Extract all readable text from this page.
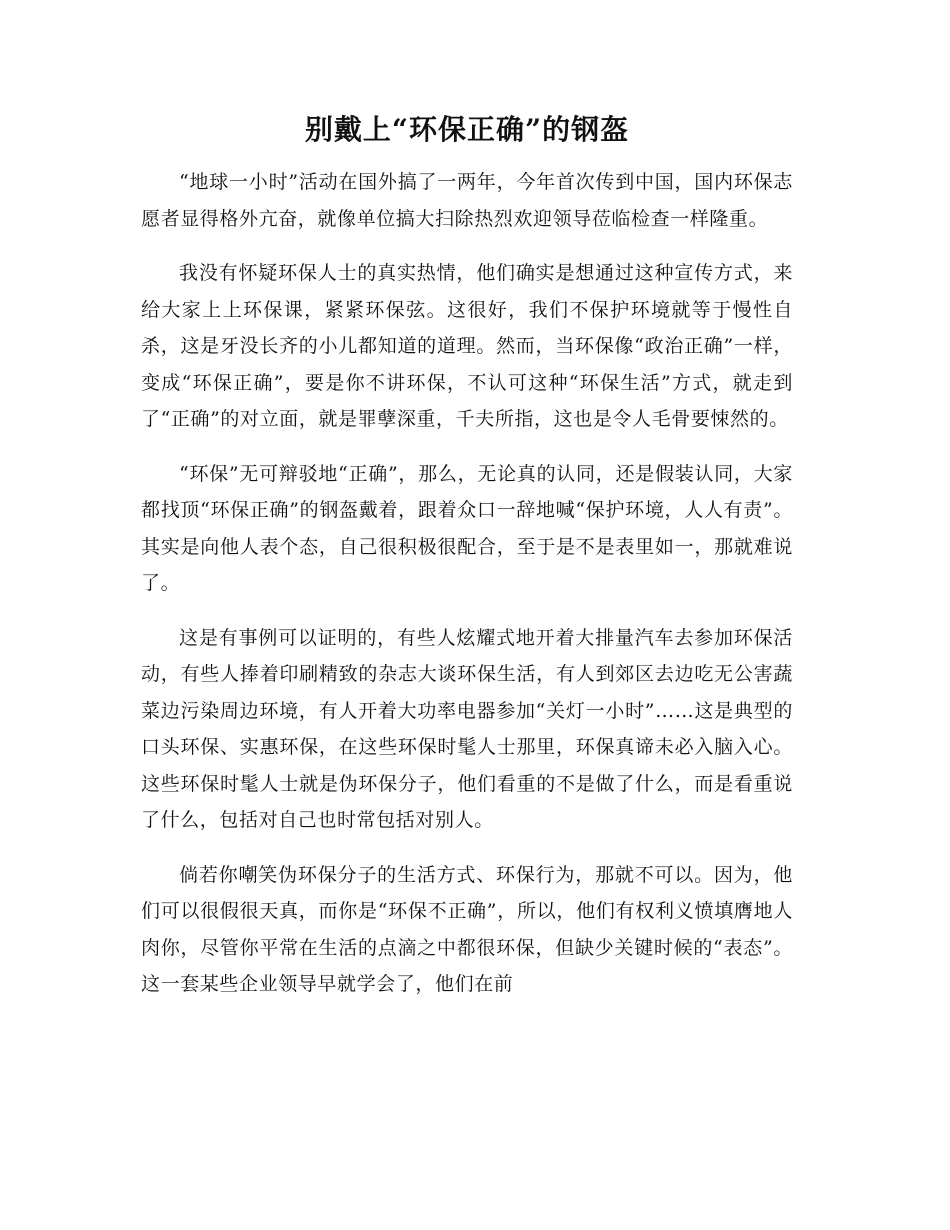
别戴上“环保正确”的钢盔

“地球一小时”活动在国外搞了一两年，今年首次传到中国，国内环保志愿者显得格外亢奋，就像单位搞大扫除热烈欢迎领导莅临检查一样隆重。

我没有怀疑环保人士的真实热情，他们确实是想通过这种宣传方式，来给大家上上环保课，紧紧环保弦。这很好，我们不保护环境就等于慢性自杀，这是牙没长齐的小儿都知道的道理。然而，当环保像“政治正确”一样，变成“环保正确”，要是你不讲环保，不认可这种“环保生活”方式，就走到了“正确”的对立面，就是罪孽深重，千夫所指，这也是令人毛骨要悚然的。

“环保”无可辩驳地“正确”，那么，无论真的认同，还是假装认同，大家都找顶“环保正确”的钢盔戴着，跟着众口一辞地喊“保护环境，人人有责”。其实是向他人表个态，自己很积极很配合，至于是不是表里如一，那就难说了。

这是有事例可以证明的，有些人炫耀式地开着大排量汽车去参加环保活动，有些人捧着印刷精致的杂志大谈环保生活，有人到郊区去边吃无公害蔬菜边污染周边环境，有人开着大功率电器参加“关灯一小时”……这是典型的口头环保、实惠环保，在这些环保时髦人士那里，环保真谛未必入脑入心。这些环保时髦人士就是伪环保分子，他们看重的不是做了什么，而是看重说了什么，包括对自己也时常包括对别人。

倘若你嘲笑伪环保分子的生活方式、环保行为，那就不可以。因为，他们可以很假很天真，而你是“环保不正确”，所以，他们有权利义愤填膺地人肉你，尽管你平常在生活的点滴之中都很环保，但缺少关键时候的“表态”。这一套某些企业领导早就学会了，他们在前
